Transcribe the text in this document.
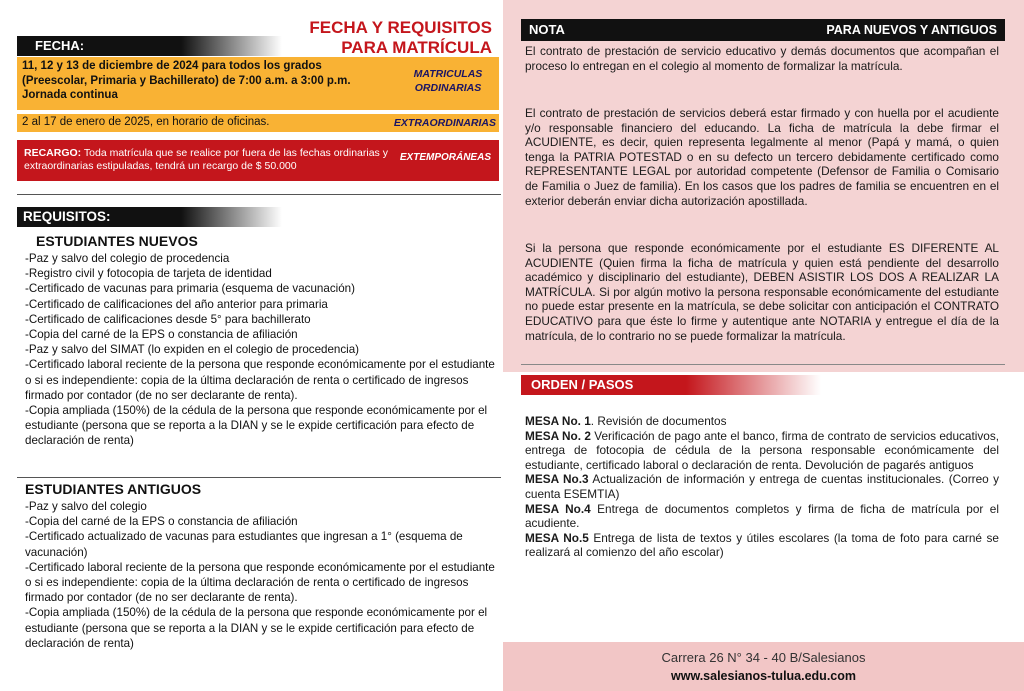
FECHA Y REQUISITOS
PARA MATRÍCULA
FECHA:
11, 12 y 13 de diciembre de 2024 para todos los grados
(Preescolar, Primaria y Bachillerato) de 7:00 a.m. a 3:00 p.m.
Jornada continua
MATRICULAS
ORDINARIAS
2 al 17 de enero de 2025, en horario de oficinas.	EXTRAORDINARIAS
RECARGO: Toda matrícula que se realice por fuera de las fechas ordinarias y extraordinarias estipuladas, tendrá un recargo de $ 50.000
EXTEMPORÁNEAS
REQUISITOS:
ESTUDIANTES NUEVOS
-Paz y salvo del colegio de procedencia
-Registro civil y fotocopia de tarjeta de identidad
-Certificado de vacunas para primaria (esquema de vacunación)
-Certificado de calificaciones del año anterior para primaria
-Certificado de calificaciones desde 5° para bachillerato
-Copia del carné de la EPS o constancia de afiliación
-Paz y salvo del SIMAT (lo expiden en el colegio de procedencia)
-Certificado laboral reciente de la persona que responde económicamente por el estudiante o si es independiente: copia de la última declaración de renta o certificado de ingresos firmado por contador (de no ser declarante de renta).
-Copia ampliada (150%) de la cédula de la persona que responde económicamente por el estudiante (persona que se reporta a la DIAN y se le expide certificación para efecto de declaración de renta)
ESTUDIANTES ANTIGUOS
-Paz y salvo del colegio
-Copia del carné de la EPS o constancia de afiliación
-Certificado actualizado de vacunas para estudiantes que ingresan a 1° (esquema de vacunación)
-Certificado laboral reciente de la persona que responde económicamente por el estudiante o si es independiente: copia de la última declaración de renta o certificado de ingresos firmado por contador (de no ser declarante de renta).
-Copia ampliada (150%) de la cédula de la persona que responde económicamente por el estudiante (persona que se reporta a la DIAN y se le expide certificación para efecto de declaración de renta)
NOTA	PARA NUEVOS Y ANTIGUOS
El contrato de prestación de servicio educativo y demás documentos que acompañan el proceso lo entregan en el colegio al momento de formalizar la matrícula.
El contrato de prestación de servicios deberá estar firmado y con huella por el acudiente y/o responsable financiero del educando. La ficha de matrícula la debe firmar el ACUDIENTE, es decir, quien representa legalmente al menor (Papá y mamá, o quien tenga la PATRIA POTESTAD o en su defecto un tercero debidamente certificado como REPRESENTANTE LEGAL por autoridad competente (Defensor de Familia o Comisario de Familia o Juez de familia). En los casos que los padres de familia se encuentren en el exterior deberán enviar dicha autorización apostillada.
Si la persona que responde económicamente por el estudiante ES DIFERENTE AL ACUDIENTE (Quien firma la ficha de matrícula y quien está pendiente del desarrollo académico y disciplinario del estudiante), DEBEN ASISTIR LOS DOS A REALIZAR LA MATRÍCULA. Si por algún motivo la persona responsable económicamente del estudiante no puede estar presente en la matrícula, se debe solicitar con anticipación el CONTRATO EDUCATIVO para que éste lo firme y autentique ante NOTARIA y entregue el día de la matrícula, de lo contrario no se puede formalizar la matrícula.
ORDEN / PASOS
MESA No. 1. Revisión de documentos
MESA No. 2 Verificación de pago ante el banco, firma de contrato de servicios educativos, entrega de fotocopia de cédula de la persona responsable económicamente del estudiante, certificado laboral o declaración de renta. Devolución de pagarés antiguos
MESA No.3 Actualización de información y entrega de cuentas institucionales. (Correo y cuenta ESEMTIA)
MESA No.4 Entrega de documentos completos y firma de ficha de matrícula por el acudiente.
MESA No.5 Entrega de lista de textos y útiles escolares (la toma de foto para carné se realizará al comienzo del año escolar)
Carrera 26 N° 34 - 40 B/Salesianos
www.salesianos-tulua.edu.com
